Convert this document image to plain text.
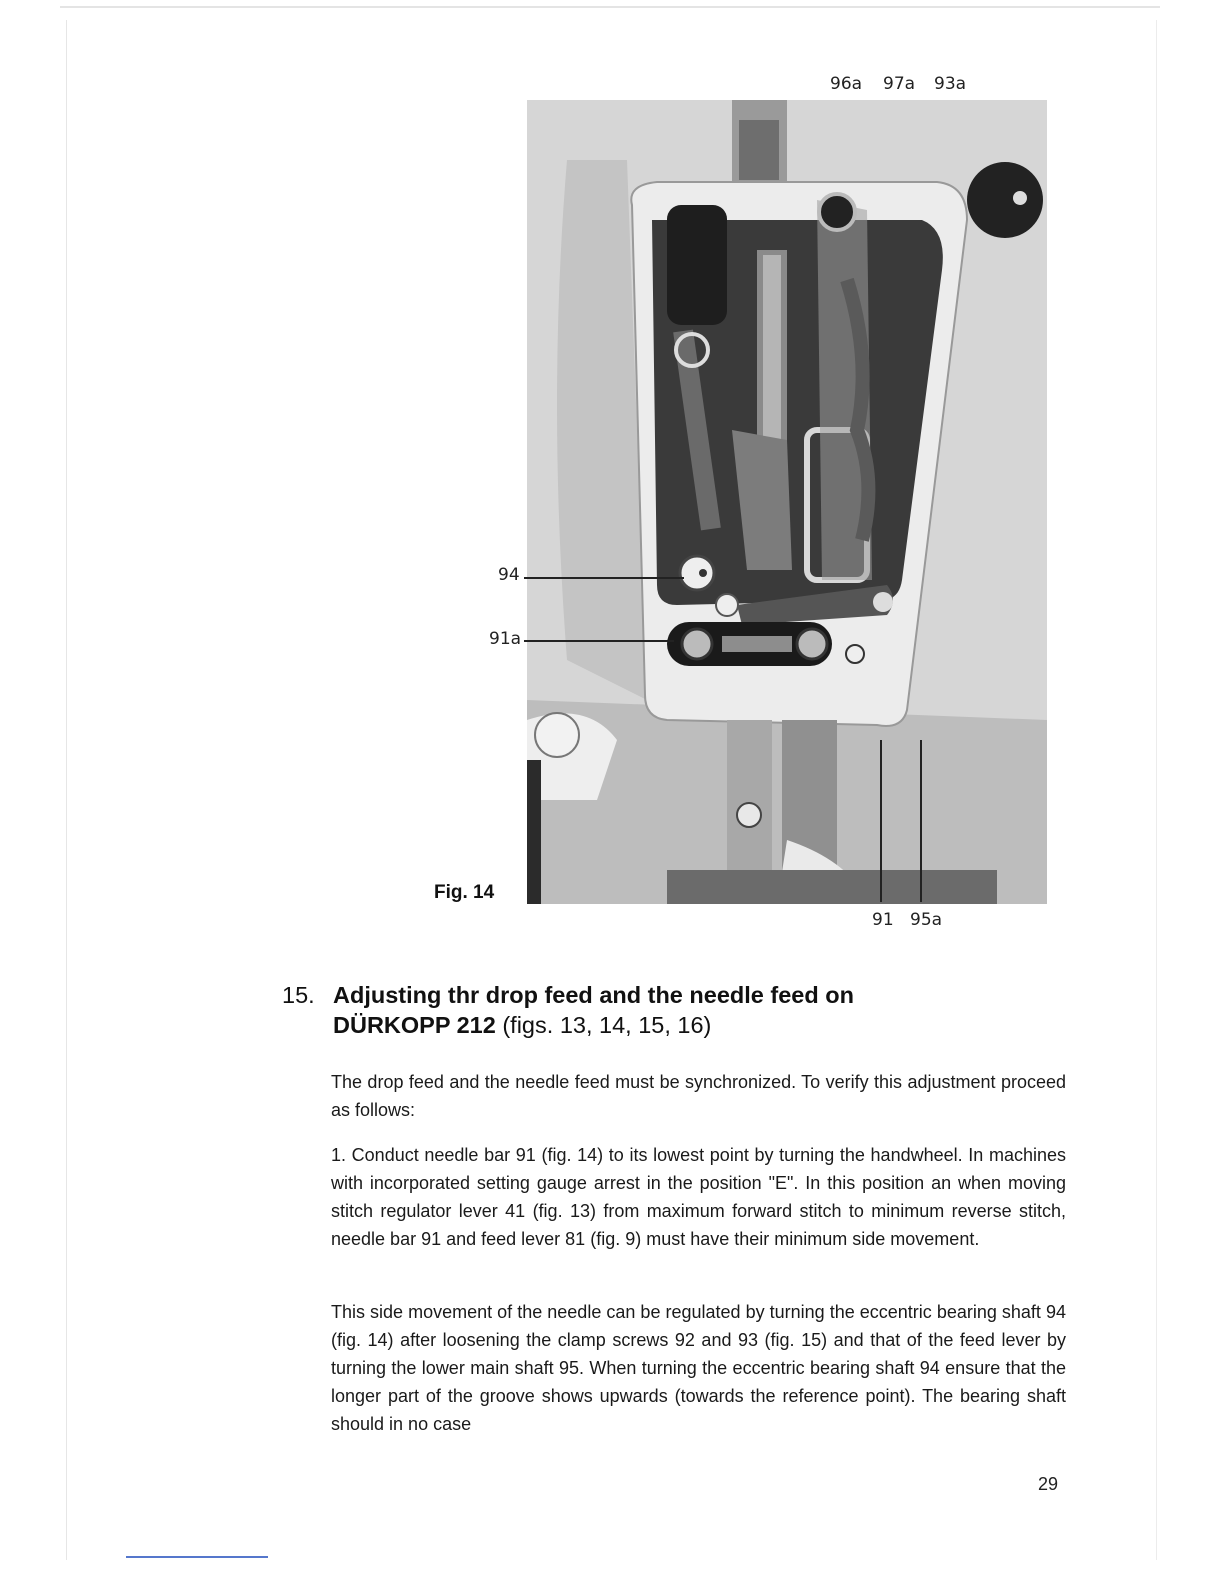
96a 97a 93a
94
91a
91 95a
Fig. 14
15. Adjusting thr drop feed and the needle feed on
DÜRKOPP 212 (figs. 13, 14, 15, 16)

The drop feed and the needle feed must be synchronized. To verify this adjustment proceed as follows:

1. Conduct needle bar 91 (fig. 14) to its lowest point by turning the handwheel. In machines with incorporated setting gauge arrest in the position "E". In this position an when moving stitch regulator lever 41 (fig. 13) from maximum forward stitch to minimum reverse stitch, needle bar 91 and feed lever 81 (fig. 9) must have their minimum side movement.

This side movement of the needle can be regulated by turning the eccentric bearing shaft 94 (fig. 14) after loosening the clamp screws 92 and 93 (fig. 15) and that of the feed lever by turning the lower main shaft 95. When turning the eccentric bearing shaft 94 ensure that the longer part of the groove shows upwards (towards the reference point). The bearing shaft should in no case

29
